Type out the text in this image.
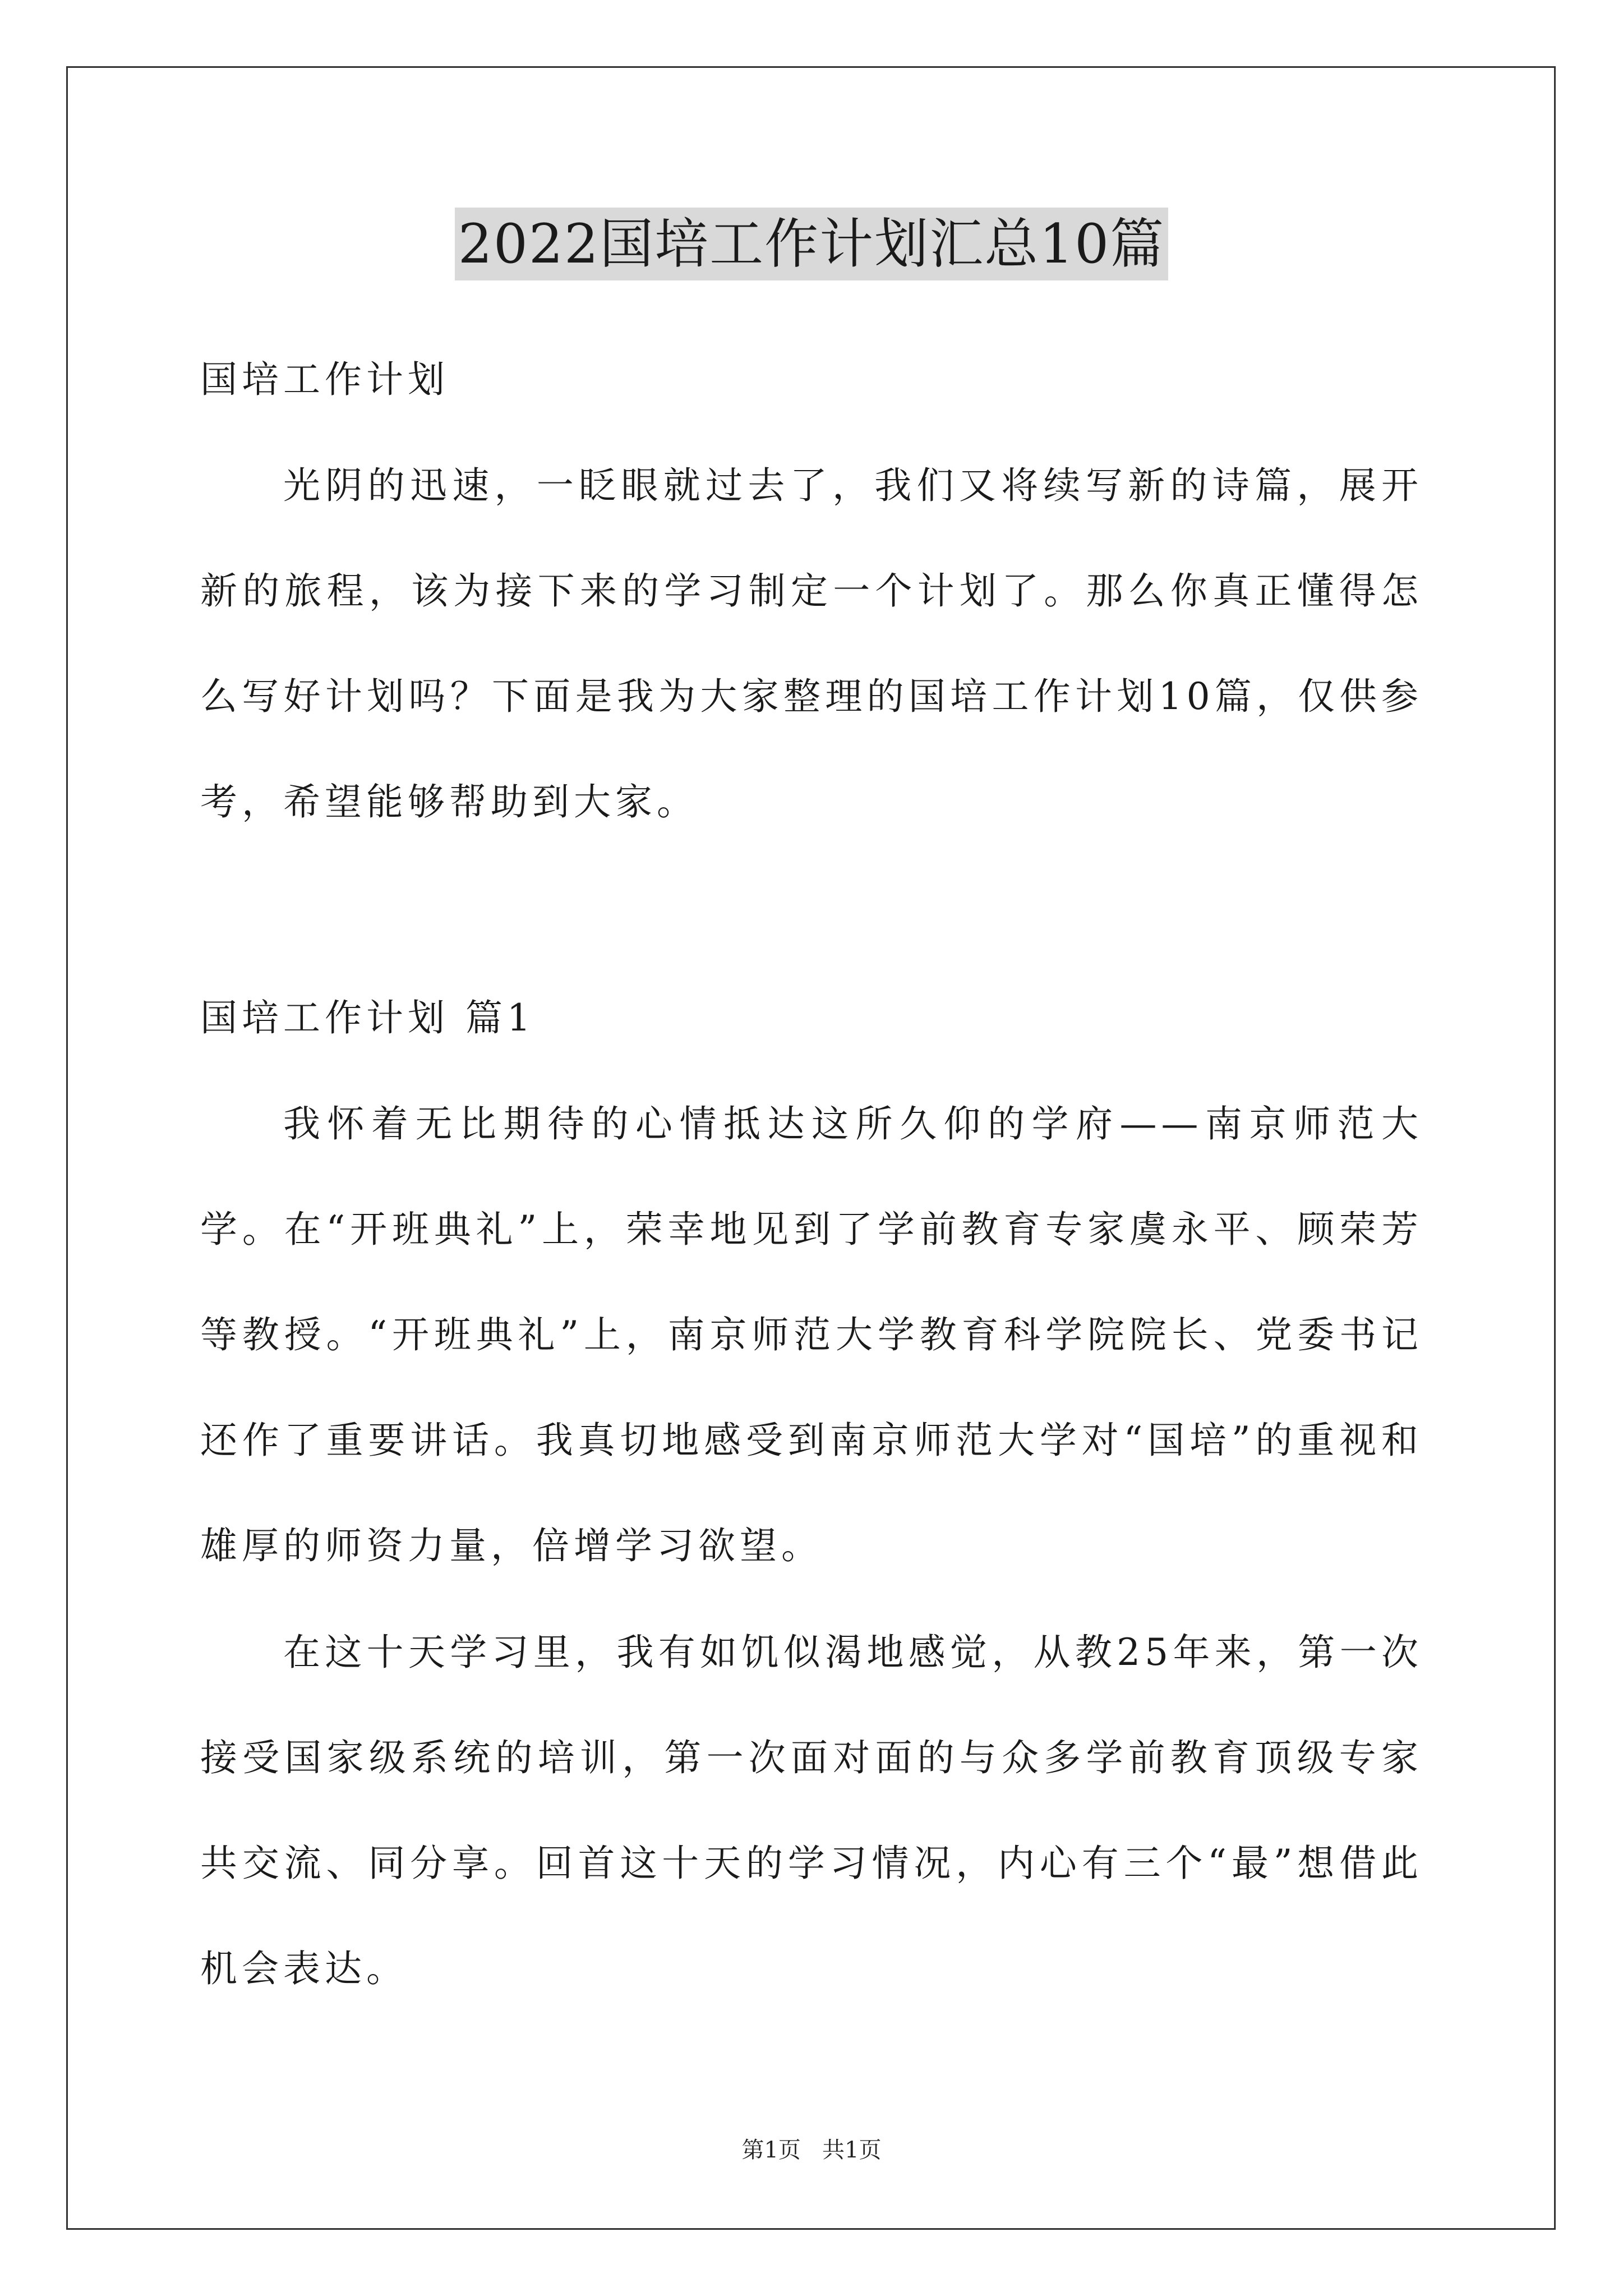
2022国培工作计划汇总10篇
国培工作计划

光阴的迅速，一眨眼就过去了，我们又将续写新的诗篇，展开新的旅程，该为接下来的学习制定一个计划了。那么你真正懂得怎么写好计划吗？下面是我为大家整理的国培工作计划10篇，仅供参考，希望能够帮助到大家。

国培工作计划 篇1

我怀着无比期待的心情抵达这所久仰的学府——南京师范大学。在“开班典礼”上，荣幸地见到了学前教育专家虞永平、顾荣芳等教授。“开班典礼”上，南京师范大学教育科学院院长、党委书记还作了重要讲话。我真切地感受到南京师范大学对“国培”的重视和雄厚的师资力量，倍增学习欲望。

在这十天学习里，我有如饥似渴地感觉，从教25年来，第一次接受国家级系统的培训，第一次面对面的与众多学前教育顶级专家共交流、同分享。回首这十天的学习情况，内心有三个“最”想借此机会表达。

第1页   共1页
